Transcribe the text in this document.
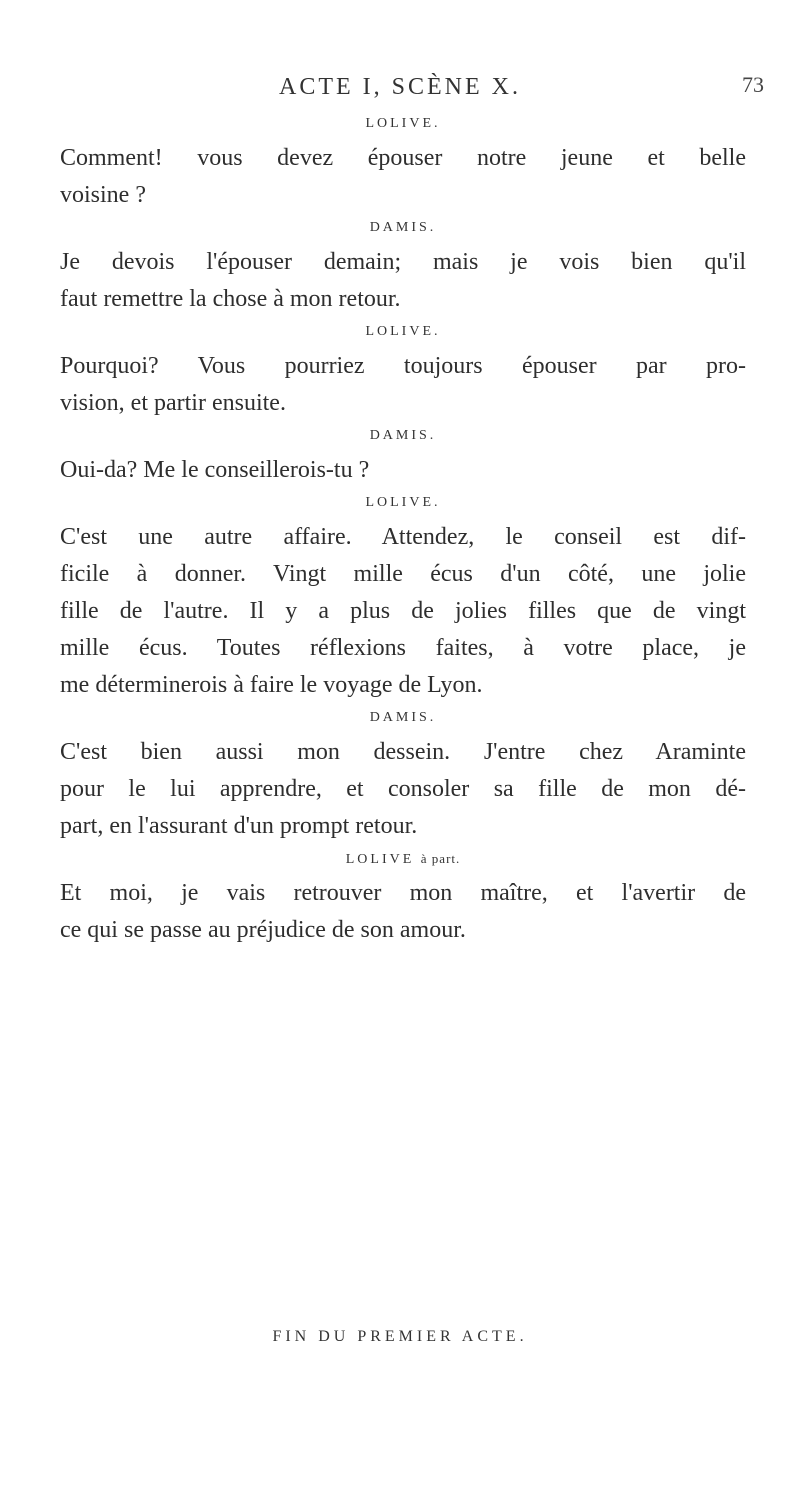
ACTE I, SCÈNE X.	73
LOLIVE.
Comment! vous devez épouser notre jeune et belle
voisine ?
DAMIS.
Je devois l'épouser demain; mais je vois bien qu'il
faut remettre la chose à mon retour.
LOLIVE.
Pourquoi? Vous pourriez toujours épouser par pro-
vision, et partir ensuite.
DAMIS.
Oui-da? Me le conseillerois-tu ?
LOLIVE.
C'est une autre affaire. Attendez, le conseil est dif-
ficile à donner. Vingt mille écus d'un côté, une jolie
fille de l'autre. Il y a plus de jolies filles que de vingt
mille écus. Toutes réflexions faites, à votre place, je
me déterminerois à faire le voyage de Lyon.
DAMIS.
C'est bien aussi mon dessein. J'entre chez Araminte
pour le lui apprendre, et consoler sa fille de mon dé-
part, en l'assurant d'un prompt retour.
LOLIVE à part.
Et moi, je vais retrouver mon maître, et l'avertir de
ce qui se passe au préjudice de son amour.
FIN DU PREMIER ACTE.
